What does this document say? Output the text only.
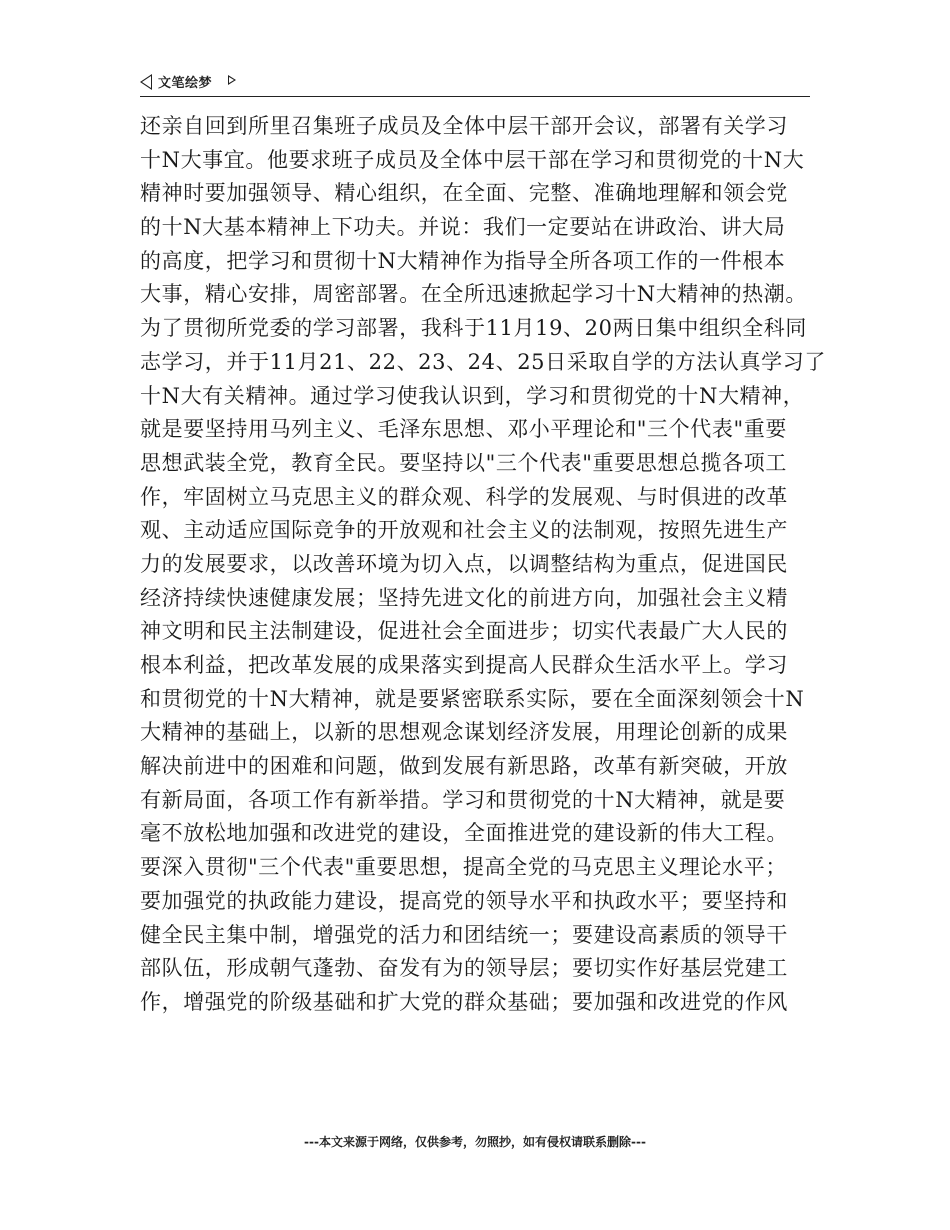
文笔绘梦
还亲自回到所里召集班子成员及全体中层干部开会议，部署有关学习
十N大事宜。他要求班子成员及全体中层干部在学习和贯彻党的十N大
精神时要加强领导、精心组织，在全面、完整、准确地理解和领会党
的十N大基本精神上下功夫。并说：我们一定要站在讲政治、讲大局
的高度，把学习和贯彻十N大精神作为指导全所各项工作的一件根本
大事，精心安排，周密部署。在全所迅速掀起学习十N大精神的热潮。
为了贯彻所党委的学习部署，我科于11月19、20两日集中组织全科同
志学习，并于11月21、22、23、24、25日采取自学的方法认真学习了
十N大有关精神。通过学习使我认识到，学习和贯彻党的十N大精神，
就是要坚持用马列主义、毛泽东思想、邓小平理论和"三个代表"重要
思想武装全党，教育全民。要坚持以"三个代表"重要思想总揽各项工
作，牢固树立马克思主义的群众观、科学的发展观、与时俱进的改革
观、主动适应国际竞争的开放观和社会主义的法制观，按照先进生产
力的发展要求，以改善环境为切入点，以调整结构为重点，促进国民
经济持续快速健康发展；坚持先进文化的前进方向，加强社会主义精
神文明和民主法制建设，促进社会全面进步；切实代表最广大人民的
根本利益，把改革发展的成果落实到提高人民群众生活水平上。学习
和贯彻党的十N大精神，就是要紧密联系实际，要在全面深刻领会十N
大精神的基础上，以新的思想观念谋划经济发展，用理论创新的成果
解决前进中的困难和问题，做到发展有新思路，改革有新突破，开放
有新局面，各项工作有新举措。学习和贯彻党的十N大精神，就是要
毫不放松地加强和改进党的建设，全面推进党的建设新的伟大工程。
要深入贯彻"三个代表"重要思想，提高全党的马克思主义理论水平；
要加强党的执政能力建设，提高党的领导水平和执政水平；要坚持和
健全民主集中制，增强党的活力和团结统一；要建设高素质的领导干
部队伍，形成朝气蓬勃、奋发有为的领导层；要切实作好基层党建工
作，增强党的阶级基础和扩大党的群众基础；要加强和改进党的作风
---本文来源于网络，仅供参考，勿照抄，如有侵权请联系删除---
